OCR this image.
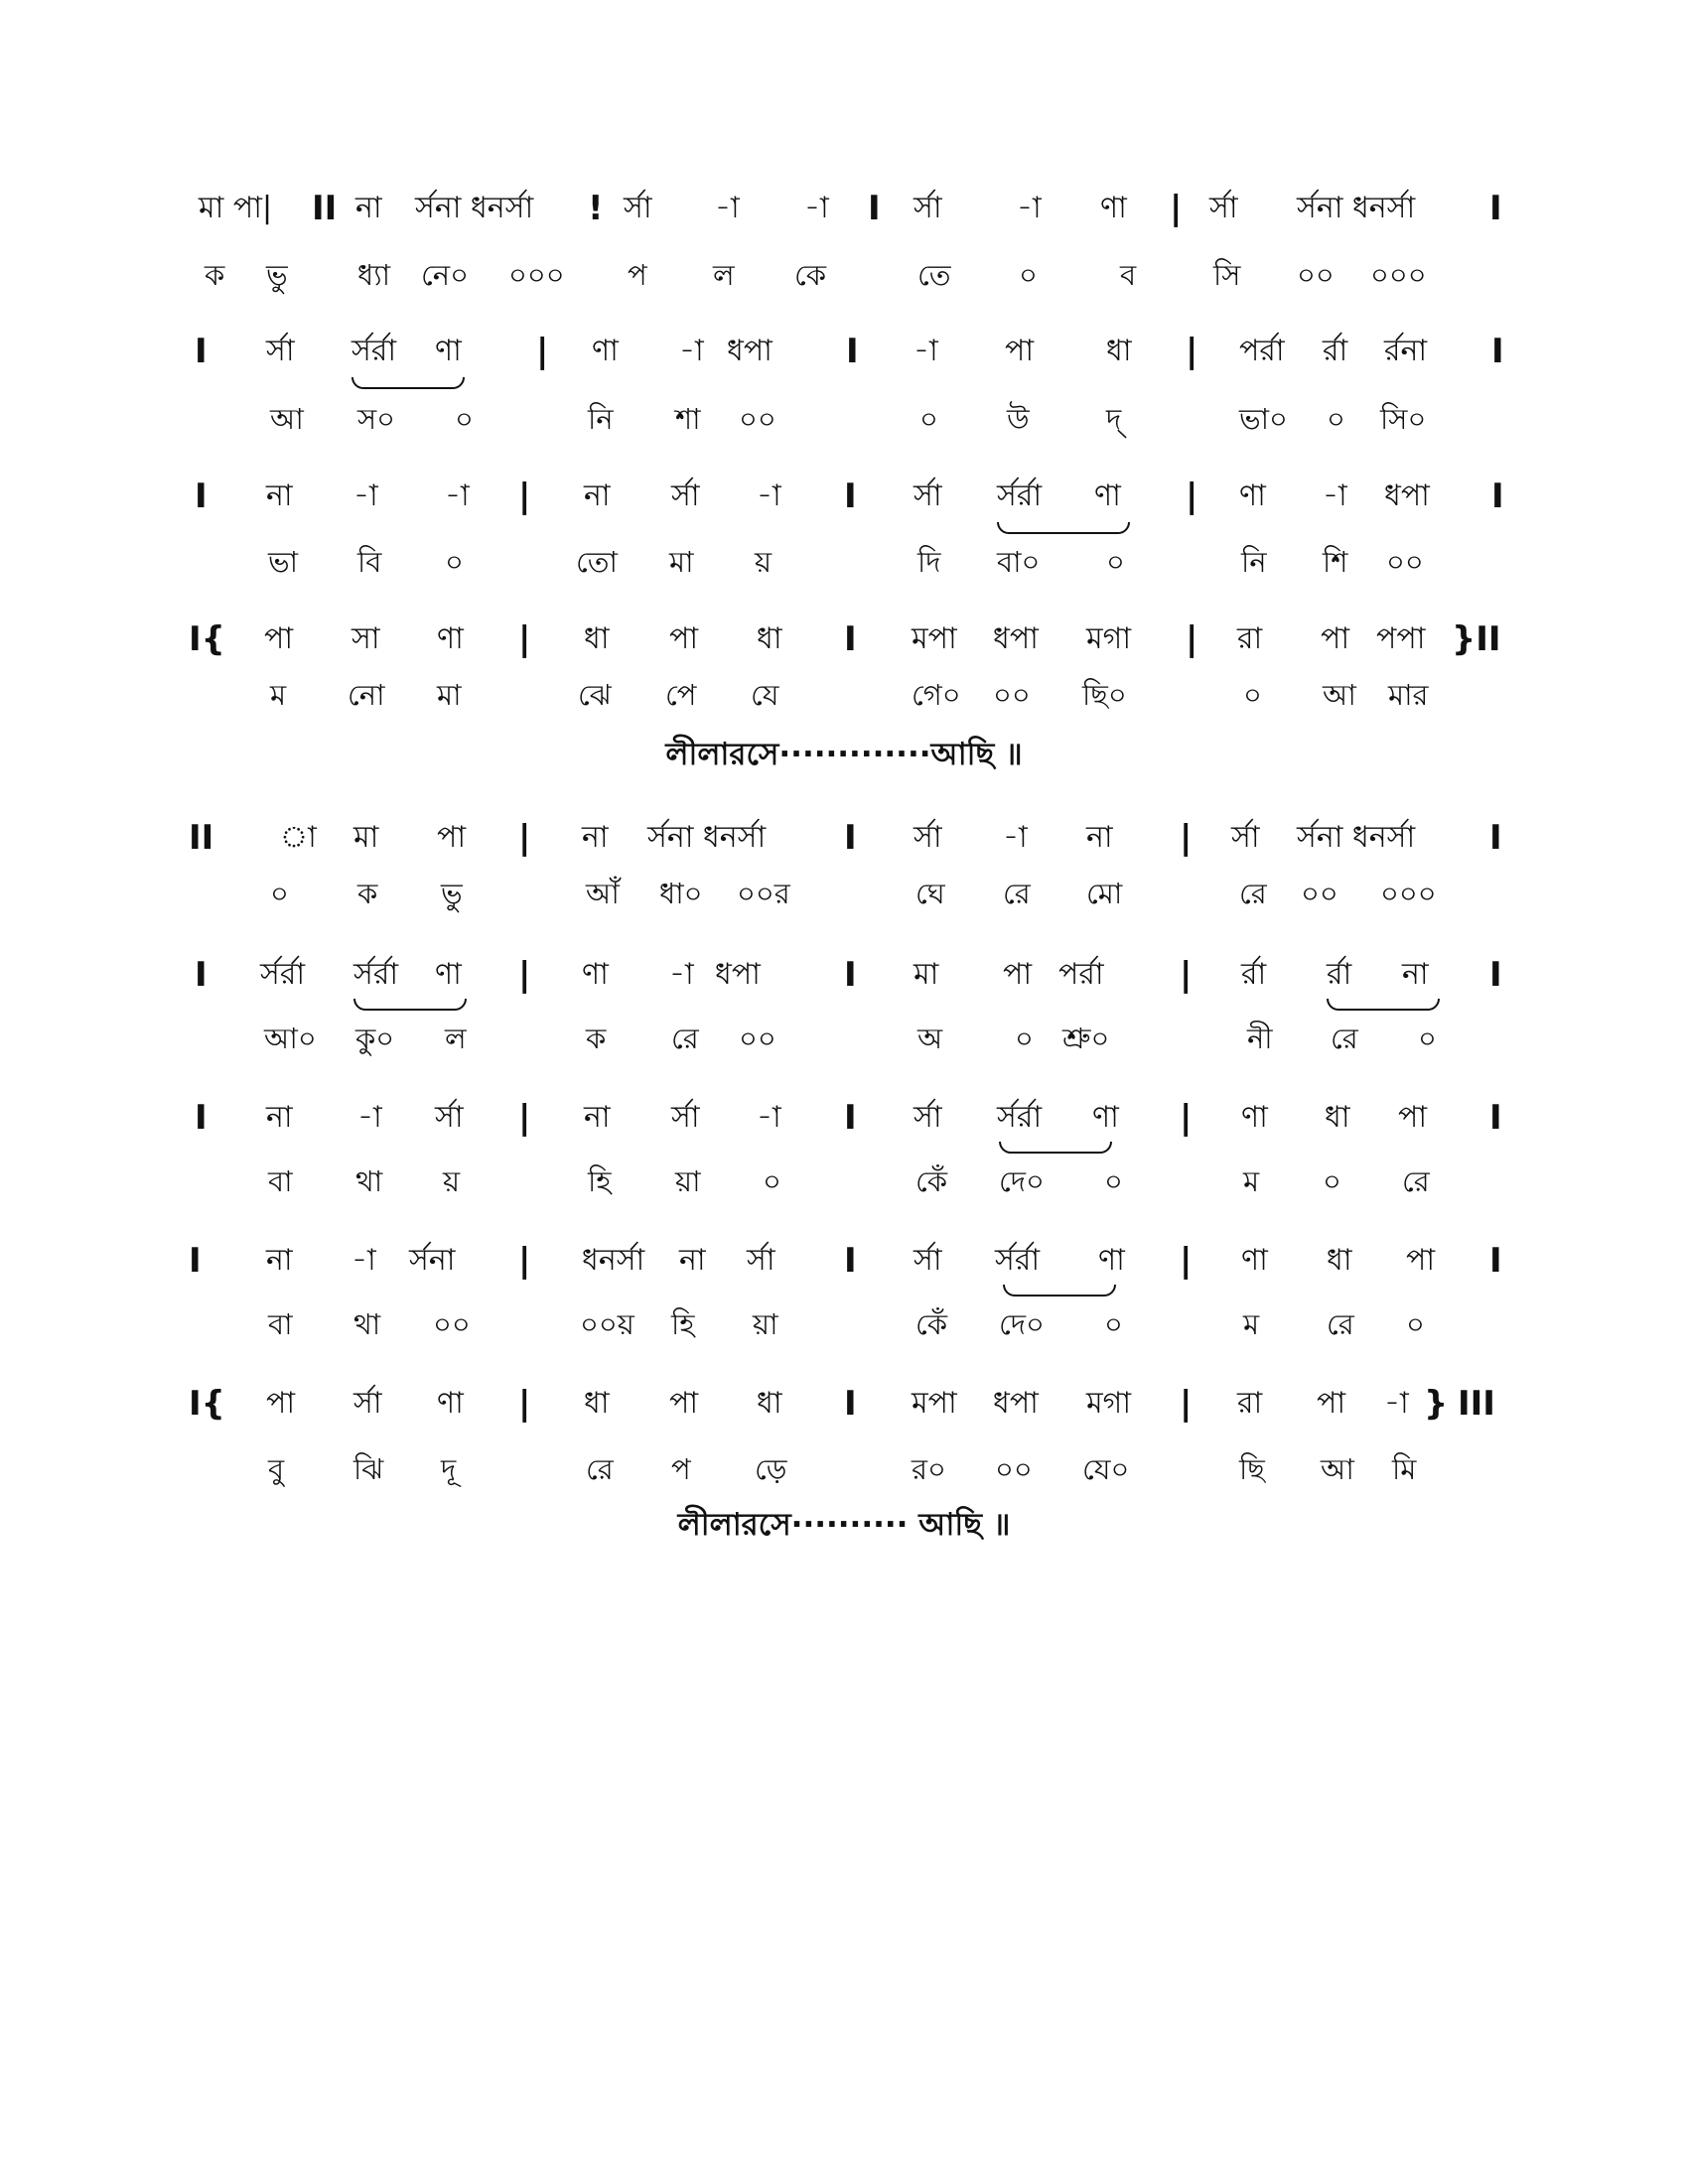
মা পা| II না র্সনা ধনর্সা ! র্সা -া -া I র্সা	-া ণা | র্সা র্সনা ধনর্সা I
ক ভু ধ্যা নে০ ০০০ প ল কে	তে ০	ব	সি ০০ ০০০
I র্সা র্সর্রা ণা | ণা -া ধপা I -া পা ধা | পর্রা র্রা র্রনা I
আ স০ ০	নি শা ০০	০ উ	দ্	ভা০ ০ সি০
I না -া -া | না র্সা -া I র্সা র্সর্রা ণা | ণা -া ধপা I
ভা বি ০	তো মা য়	দি বা০ ০	নি শি ০০
I{ পা সা ণা | ধা পা ধা I মপা ধপা মগা | রা পা পপা }II
ম নো মা	ঝে পে যে	গে০ ০০ ছি০	০ আ মার
লীলারসে·············আছি ॥
II া মা পা | না র্সনা ধনর্সা I র্সা -া না | র্সা র্সনা ধনর্সা I
০ ক ভু	আঁ ধা০ ০০র	ঘে রে মো	রে ০০ ০০০
I র্সর্রা র্সর্রা ণা | ণা -া ধপা I মা পা পর্রা | র্রা র্রা না I
আ০ কু০ ল	ক রে ০০	অ	০ শ্রু০	নী রে ০
I না -া র্সা | না র্সা -া I র্সা র্সর্রা ণা | ণা ধা পা I
বা থা য়	হি য়া ০	কেঁ দে০ ০	ম ০ রে
I না -া র্সনা | ধনর্সা না র্সা I র্সা র্সর্রা ণা | ণা ধা পা I
বা থা ০০	০০য় হি য়া	কেঁ দে০ ০	ম রে ০
I{ পা র্সা ণা | ধা পা ধা I মপা ধপা মগা | রা পা -া } III
বু ঝি দূ	রে প ড়ে	র০ ০০ যে০	ছি আ মি
লীলারসে·········· আছি ॥
